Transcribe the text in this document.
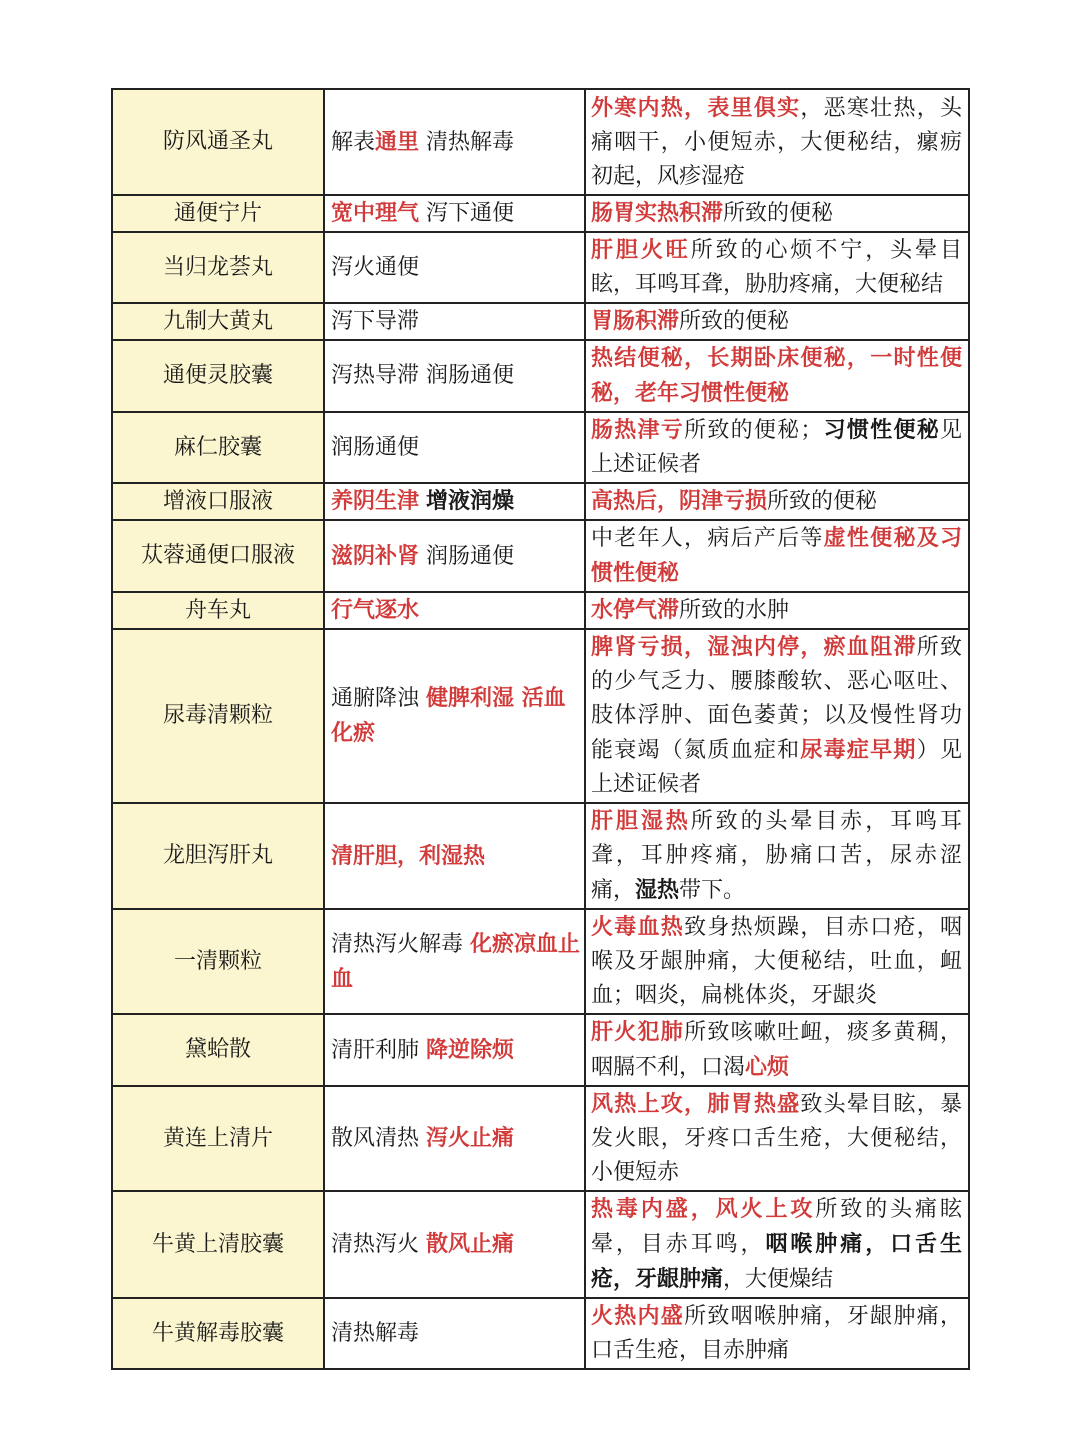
防风通圣丸	解表通里 清热解毒	外寒内热，表里俱实，恶寒壮热，头痛咽干，小便短赤，大便秘结，瘰疬初起，风疹湿疮
通便宁片	宽中理气 泻下通便	肠胃实热积滞所致的便秘
当归龙荟丸	泻火通便	肝胆火旺所致的心烦不宁，头晕目眩，耳鸣耳聋，胁肋疼痛，大便秘结
九制大黄丸	泻下导滞	胃肠积滞所致的便秘
通便灵胶囊	泻热导滞 润肠通便	热结便秘，长期卧床便秘，一时性便秘，老年习惯性便秘
麻仁胶囊	润肠通便	肠热津亏所致的便秘；习惯性便秘见上述证候者
增液口服液	养阴生津 增液润燥	高热后，阴津亏损所致的便秘
苁蓉通便口服液	滋阴补肾 润肠通便	中老年人，病后产后等虚性便秘及习惯性便秘
舟车丸	行气逐水	水停气滞所致的水肿
尿毒清颗粒	通腑降浊 健脾利湿 活血化瘀	脾肾亏损，湿浊内停，瘀血阻滞所致的少气乏力、腰膝酸软、恶心呕吐、肢体浮肿、面色萎黄；以及慢性肾功能衰竭（氮质血症和尿毒症早期）见上述证候者
龙胆泻肝丸	清肝胆，利湿热	肝胆湿热所致的头晕目赤，耳鸣耳聋，耳肿疼痛，胁痛口苦，尿赤涩痛，湿热带下。
一清颗粒	清热泻火解毒 化瘀凉血止血	火毒血热致身热烦躁，目赤口疮，咽喉及牙龈肿痛，大便秘结，吐血，衄血；咽炎，扁桃体炎，牙龈炎
黛蛤散	清肝利肺 降逆除烦	肝火犯肺所致咳嗽吐衄，痰多黄稠，咽膈不利，口渴心烦
黄连上清片	散风清热 泻火止痛	风热上攻，肺胃热盛致头晕目眩，暴发火眼，牙疼口舌生疮，大便秘结，小便短赤
牛黄上清胶囊	清热泻火 散风止痛	热毒内盛，风火上攻所致的头痛眩晕，目赤耳鸣，咽喉肿痛，口舌生疮，牙龈肿痛，大便燥结
牛黄解毒胶囊	清热解毒	火热内盛所致咽喉肿痛，牙龈肿痛，口舌生疮，目赤肿痛
